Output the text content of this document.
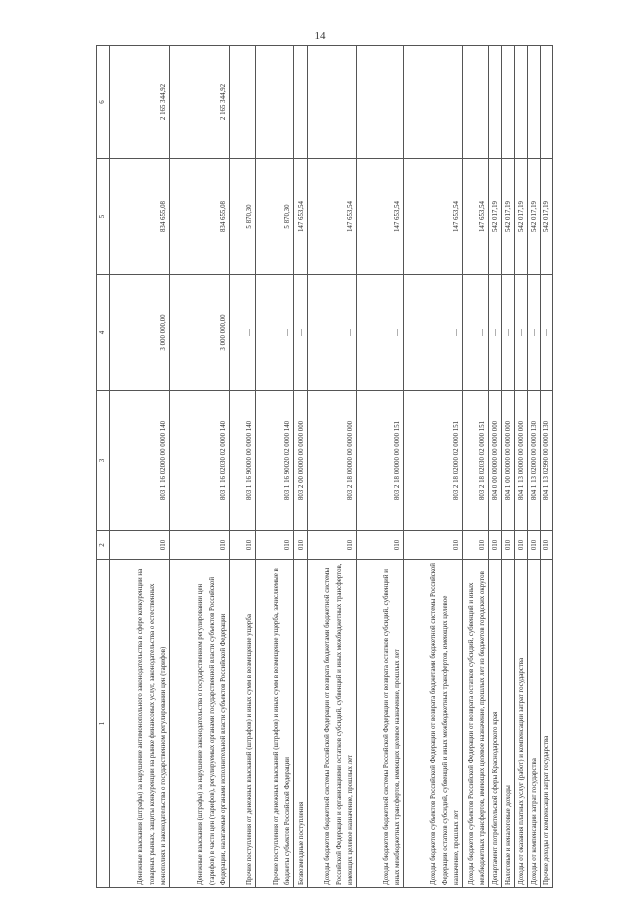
14
1	2	3	4	5	6
Денежные взыскания (штрафы) за нарушение антимонопольного законодательства в сфере конкуренции на товарных рынках, защиты конкуренции на рынке финансовых услуг, законодательства о естественных монополиях и законодательства о государственном регулировании цен (тарифов)	010	803 1 16 02000 00 0000 140	3 000 000,00	834 655,08	2 165 344,92
Денежные взыскания (штрафы) за нарушение законодательства о государственном регулировании цен (тарифов) в части цен (тарифов), регулируемых органами государственной власти субъектов Российской Федерации, налагаемые органами исполнительной власти субъектов Российской Федерации	010	803 1 16 02030 02 0000 140	3 000 000,00	834 655,08	2 165 344,92
Прочие поступления от денежных взысканий (штрафов) и иных сумм в возмещение ущерба	010	803 1 16 90000 00 0000 140	—	5 870,30	
Прочие поступления от денежных взысканий (штрафов) и иных сумм в возмещение ущерба, зачисляемые в бюджеты субъектов Российской Федерации	010	803 1 16 90020 02 0000 140	—	5 870,30	
Безвозмездные поступления	010	803 2 00 00000 00 0000 000	—	147 653,54	
Доходы бюджетов бюджетной системы Российской Федерации от возврата бюджетами бюджетной системы Российской Федерации и организациями остатков субсидий, субвенций и иных межбюджетных трансфертов, имеющих целевое назначение, прошлых лет	010	803 2 18 00000 00 0000 000	—	147 653,54	
Доходы бюджетов бюджетной системы Российской Федерации от возврата остатков субсидий, субвенций и иных межбюджетных трансфертов, имеющих целевое назначение, прошлых лет	010	803 2 18 00000 00 0000 151	—	147 653,54	
Доходы бюджетов субъектов Российской Федерации от возврата бюджетами бюджетной системы Российской Федерации остатков субсидий, субвенций и иных межбюджетных трансфертов, имеющих целевое назначение, прошлых лет	010	803 2 18 02000 02 0000 151	—	147 653,54	
Доходы бюджетов субъектов Российской Федерации от возврата остатков субсидий, субвенций и иных межбюджетных трансфертов, имеющих целевое назначение, прошлых лет из бюджетов городских округов	010	803 2 18 02030 02 0000 151	—	147 653,54	
Департамент потребительской сферы Краснодарского края	010	804 0 00 00000 00 0000 000	—	542 017,19	
Налоговые и неналоговые доходы	010	804 1 00 00000 00 0000 000	—	542 017,19	
Доходы от оказания платных услуг (работ) и компенсации затрат государства	010	804 1 13 00000 00 0000 000	—	542 017,19	
Доходы от компенсации затрат государства	010	804 1 13 02000 00 0000 130	—	542 017,19	
Прочие доходы от компенсации затрат государства	010	804 1 13 02990 00 0000 130	—	542 017,19	
